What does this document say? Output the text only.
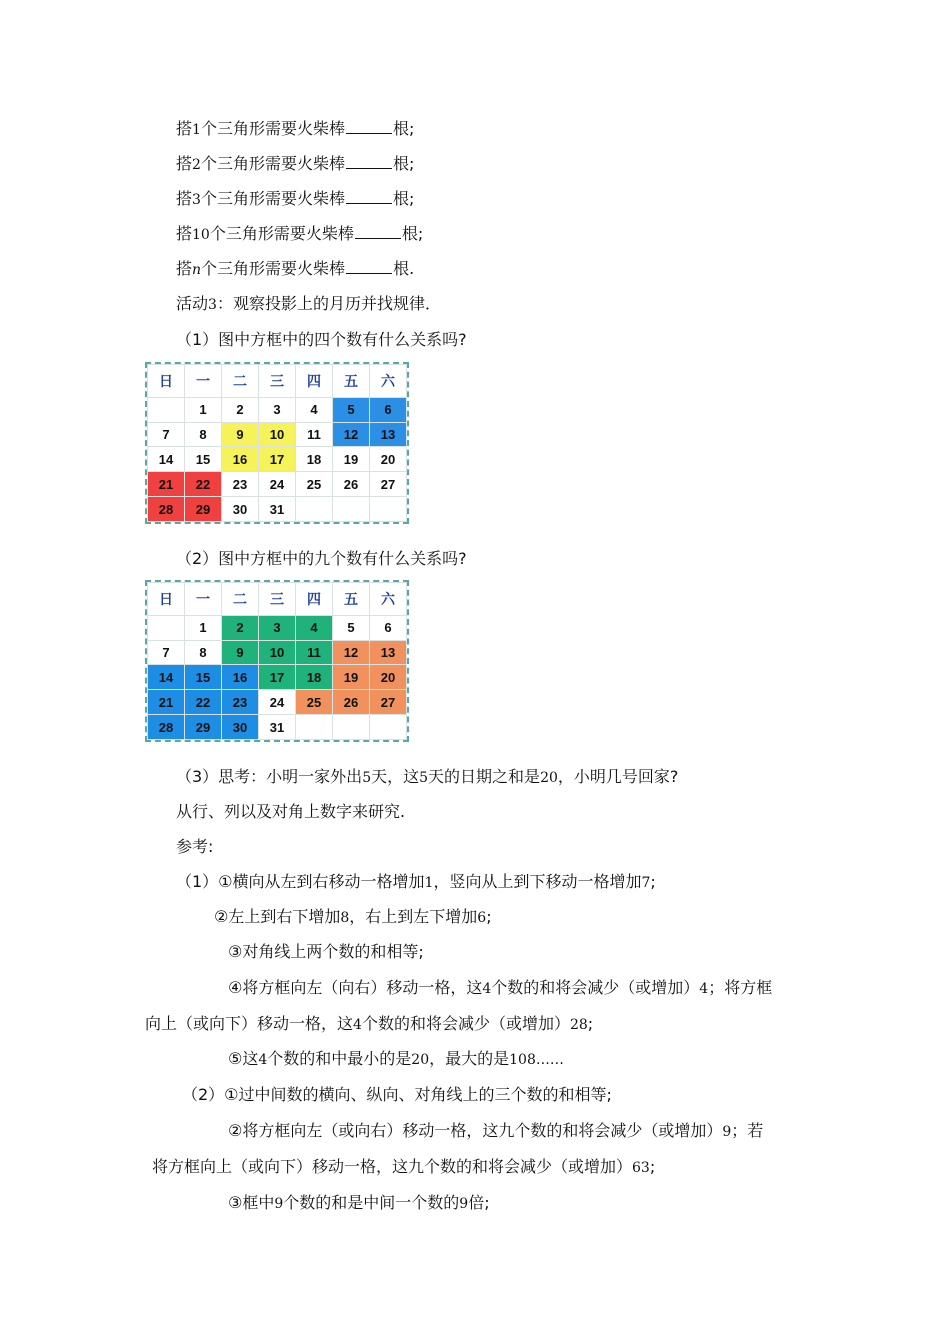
搭1个三角形需要火柴棒	根;
搭2个三角形需要火柴棒	根;
搭3个三角形需要火柴棒	根;
搭10个三角形需要火柴棒	根;
搭n个三角形需要火柴棒	根.
活动3：观察投影上的月历并找规律．
（1）图中方框中的四个数有什么关系吗?
日	一	二	三	四	五	六
	1	2	3	4	5	6
7	8	9	10	11	12	13
14	15	16	17	18	19	20
21	22	23	24	25	26	27
28	29	30	31			
（2）图中方框中的九个数有什么关系吗?
日	一	二	三	四	五	六
	1	2	3	4	5	6
7	8	9	10	11	12	13
14	15	16	17	18	19	20
21	22	23	24	25	26	27
28	29	30	31			
（3）思考：小明一家外出5天，这5天的日期之和是20，小明几号回家?
从行、列以及对角上数字来研究.
参考:
（1）①横向从左到右移动一格增加1，竖向从上到下移动一格增加7;
②左上到右下增加8，右上到左下增加6;
③对角线上两个数的和相等;
④将方框向左（向右）移动一格，这4个数的和将会减少（或增加）4；将方框
向上（或向下）移动一格，这4个数的和将会减少（或增加）28;
⑤这4个数的和中最小的是20，最大的是108……
（2）①过中间数的横向、纵向、对角线上的三个数的和相等;
②将方框向左（或向右）移动一格，这九个数的和将会减少（或增加）9；若
将方框向上（或向下）移动一格，这九个数的和将会减少（或增加）63;
③框中9个数的和是中间一个数的9倍;
